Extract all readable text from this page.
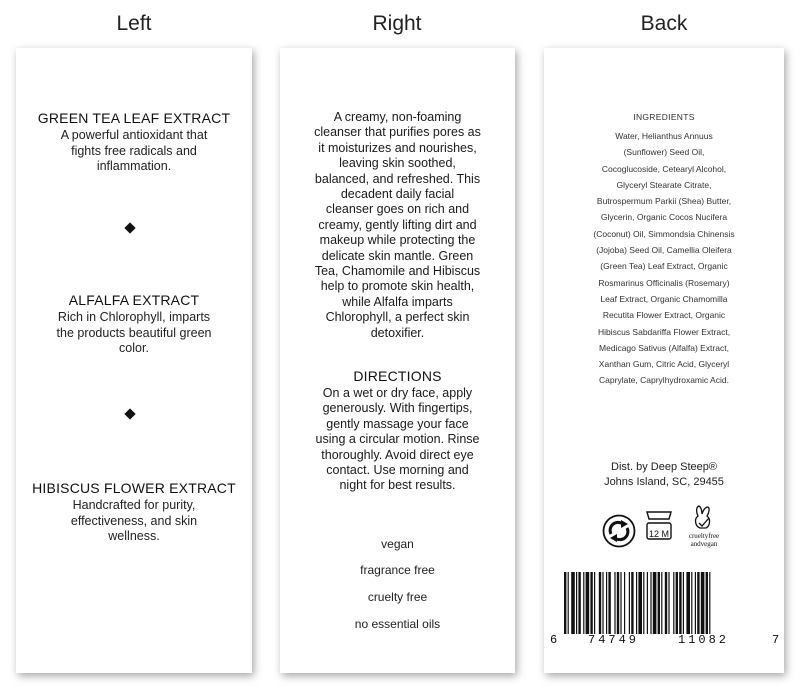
Left	Right	Back
GREEN TEA LEAF EXTRACT
A powerful antioxidant that
fights free radicals and
inflammation.
ALFALFA EXTRACT
Rich in Chlorophyll, imparts
the products beautiful green
color.
HIBISCUS FLOWER EXTRACT
Handcrafted for purity,
effectiveness, and skin
wellness.
A creamy, non-foaming
cleanser that purifies pores as
it moisturizes and nourishes,
leaving skin soothed,
balanced, and refreshed. This
decadent daily facial
cleanser goes on rich and
creamy, gently lifting dirt and
makeup while protecting the
delicate skin mantle. Green
Tea, Chamomile and Hibiscus
help to promote skin health,
while Alfalfa imparts
Chlorophyll, a perfect skin
detoxifier.
DIRECTIONS
On a wet or dry face, apply
generously. With fingertips,
gently massage your face
using a circular motion. Rinse
thoroughly. Avoid direct eye
contact. Use morning and
night for best results.
vegan
fragrance free
cruelty free
no essential oils
INGREDIENTS
Water, Helianthus Annuus
(Sunflower) Seed Oil,
Cocoglucoside, Cetearyl Alcohol,
Glyceryl Stearate Citrate,
Butrospermum Parkii (Shea) Butter,
Glycerin, Organic Cocos Nucifera
(Coconut) Oil, Simmondsia Chinensis
(Jojoba) Seed Oil, Camellia Oleifera
(Green Tea) Leaf Extract, Organic
Rosmarinus Officinalis (Rosemary)
Leaf Extract, Organic Chamomilla
Recutita Flower Extract, Organic
Hibiscus Sabdariffa Flower Extract,
Medicago Sativus (Alfalfa) Extract,
Xanthan Gum, Citric Acid, Glyceryl
Caprylate, Caprylhydroxamic Acid.
Dist. by Deep Steep®
Johns Island, SC, 29455
12 M	crueltyfree
andvegan
6	74749	11082	7
